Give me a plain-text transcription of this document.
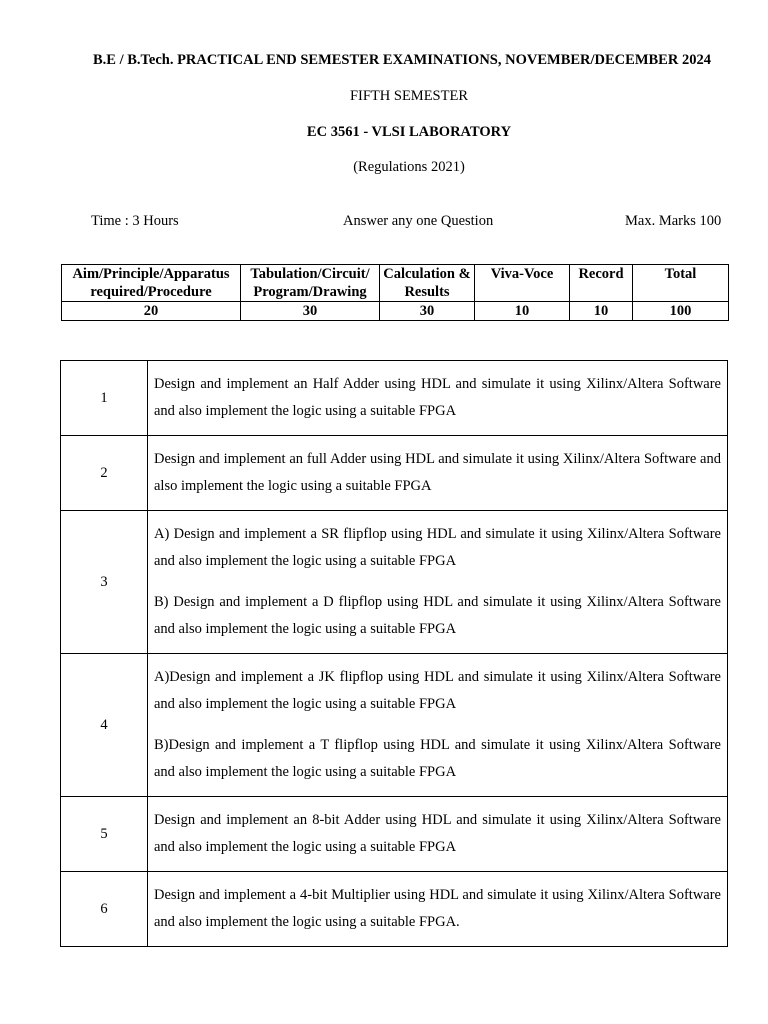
B.E / B.Tech. PRACTICAL END SEMESTER EXAMINATIONS, NOVEMBER/DECEMBER 2024
FIFTH SEMESTER
EC 3561 - VLSI LABORATORY
(Regulations 2021)
Time : 3 Hours	Answer any one Question	Max. Marks 100
Aim/Principle/Apparatus required/Procedure	Tabulation/Circuit/ Program/Drawing	Calculation & Results	Viva-Voce	Record	Total
20	30	30	10	10	100
1	Design and implement an Half Adder using HDL and simulate it using Xilinx/Altera Software and also implement the logic using a suitable FPGA

2	Design and implement an full Adder using HDL and simulate it using Xilinx/Altera Software and also implement the logic using a suitable FPGA

3	A) Design and implement a SR flipflop using HDL and simulate it using Xilinx/Altera Software and also implement the logic using a suitable FPGA

B) Design and implement a D flipflop using HDL and simulate it using Xilinx/Altera Software and also implement the logic using a suitable FPGA

4	A)Design and implement a JK flipflop using HDL and simulate it using Xilinx/Altera Software and also implement the logic using a suitable FPGA

B)Design and implement a T flipflop using HDL and simulate it using Xilinx/Altera Software and also implement the logic using a suitable FPGA

5	Design and implement an 8-bit Adder using HDL and simulate it using Xilinx/Altera Software and also implement the logic using a suitable FPGA

6	Design and implement a 4-bit Multiplier using HDL and simulate it using Xilinx/Altera Software and also implement the logic using a suitable FPGA.
